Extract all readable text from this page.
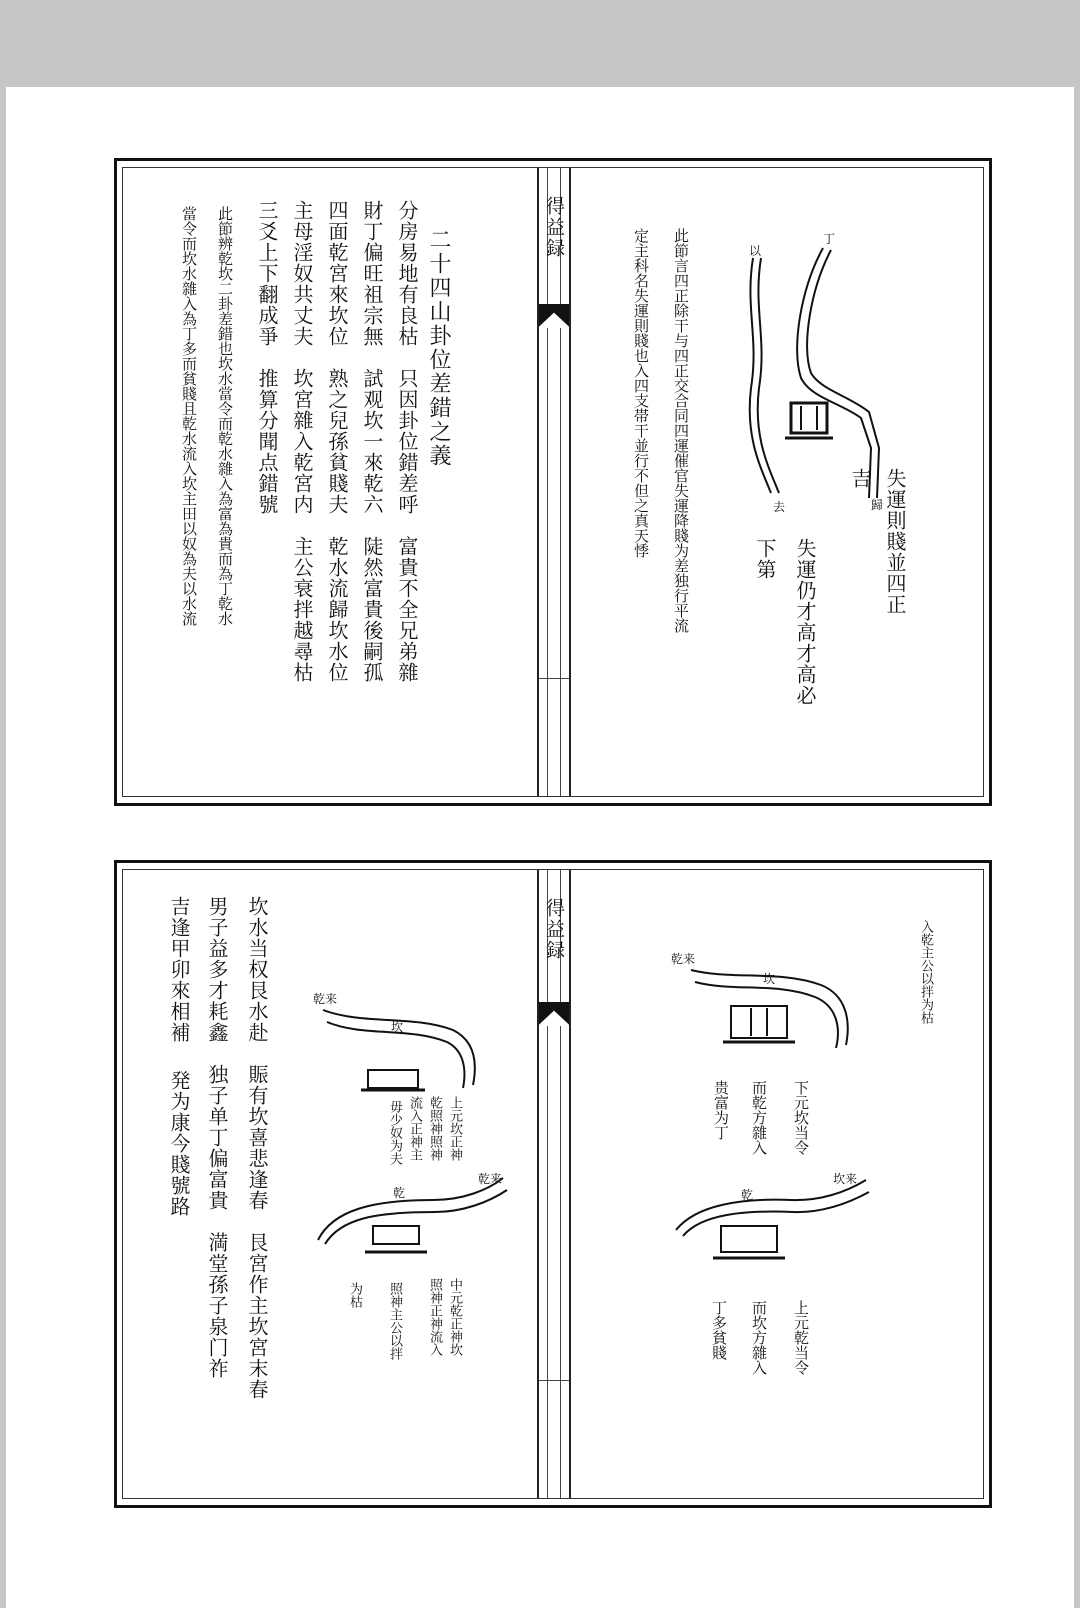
二十四山卦位差錯之義
分房易地有良枯　只因卦位錯差呼　富貴不全兄弟雜
財丁偏旺祖宗無　試观坎一來乾六　陡然富貴後嗣孤
四面乾宮來坎位　熟之兒孫貧賤夫　乾水流歸坎水位
主母淫奴共丈夫　坎宮雜入乾宮内　主公衰拌越尋枯
三爻上下翻成爭　推算分聞点錯號
此節辨乾坎二卦差錯也坎水當令而乾水雜入為富為貴而為丁乾水
當令而坎水雜入為丁多而貧賤且乾水流入坎主田以奴為夫以水流	得益録	丁
以
歸
去	失運則賤並四正
吉
失運仍才高才高必
下第
此節言四正除干与四正交合同四運催官失運降賤为差独行平流
定主科名失運則賤也入四支帯干並行不但之真天悸
坎水当权艮水赴　賑有坎喜悲逢春　艮宮作主坎宮末春
男子益多才耗鑫　独子单丁偏富貴　満堂孫子泉门祚
吉逢甲卯來相補
発为康今賤號路
乾来
坎
上元坎正神
乾照神照神
流入正神主
毋少奴为夫
乾
乾来
中元乾正神坎
照神正神流入
照神主公以拌
为枯
得益録	入乾主公以拌为枯
乾来
坎
下元坎当令
而乾方雜入
贵富为丁
坎来
乾
上元乾当令
而坎方雜入
丁多貧賤
